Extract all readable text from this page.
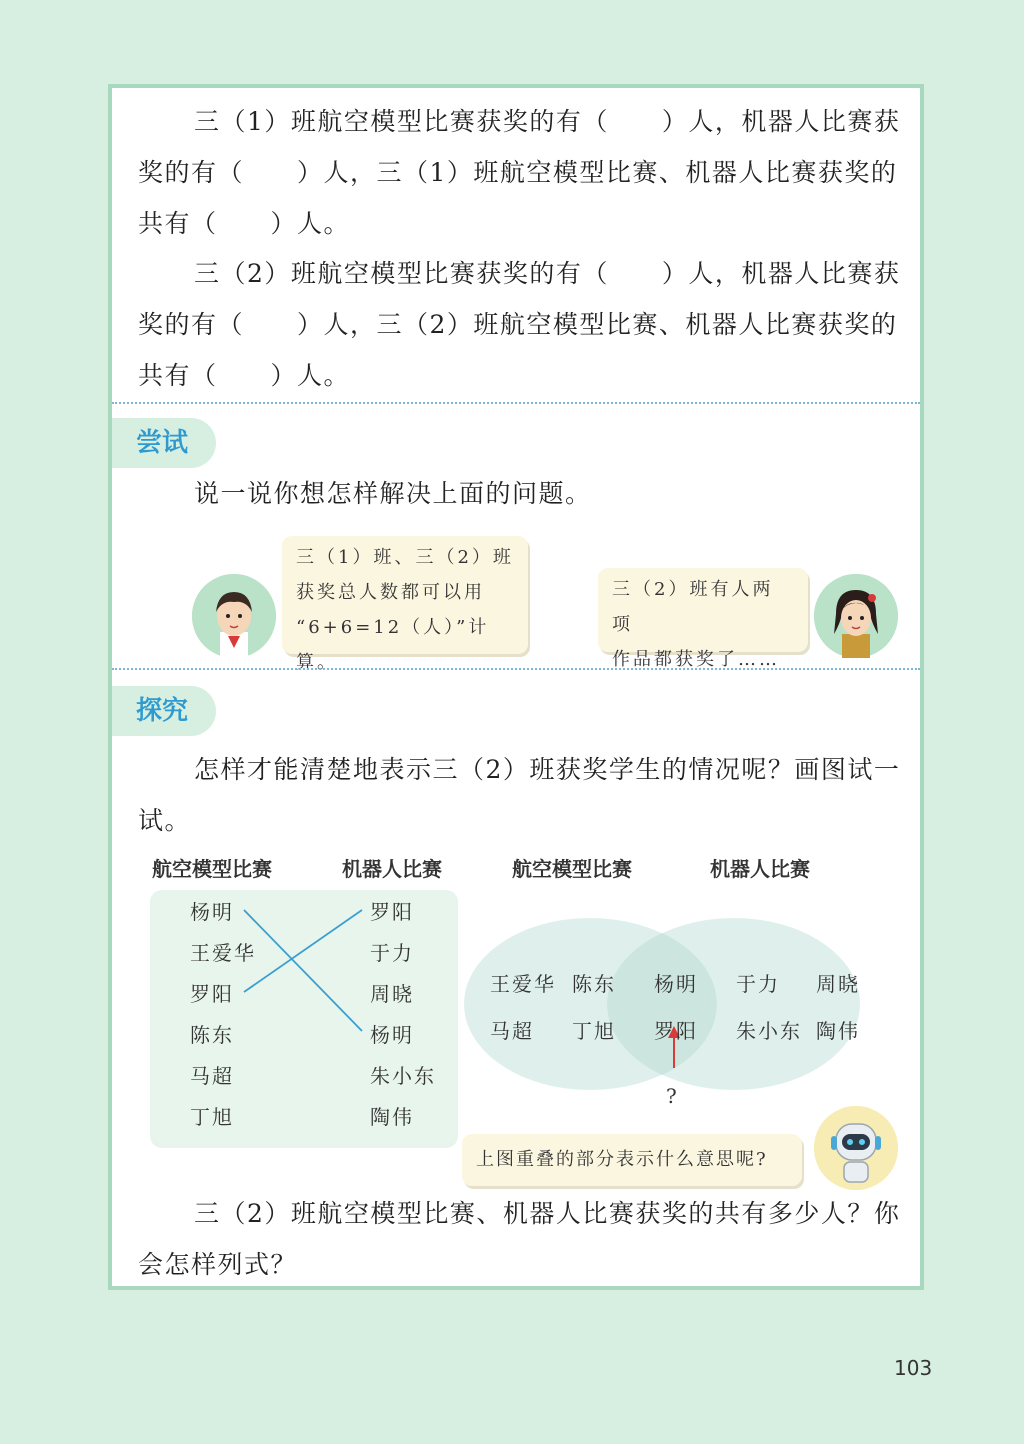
三（1）班航空模型比赛获奖的有（　　）人，机器人比赛获奖的有（　　）人，三（1）班航空模型比赛、机器人比赛获奖的共有（　　）人。

三（2）班航空模型比赛获奖的有（　　）人，机器人比赛获奖的有（　　）人，三（2）班航空模型比赛、机器人比赛获奖的共有（　　）人。

尝试

说一说你想怎样解决上面的问题。

三（1）班、三（2）班
获奖总人数都可以用
“6+6=12（人）”计算。
三（2）班有人两项
作品都获奖了……
探究

怎样才能清楚地表示三（2）班获奖学生的情况呢？画图试一试。

航空模型比赛	机器人比赛	航空模型比赛	机器人比赛
杨明
王爱华
罗阳
陈东
马超
丁旭
罗阳
于力
周晓
杨明
朱小东
陶伟
王爱华 陈东
马超 丁旭
杨明
罗阳
于力 周晓
朱小东 陶伟
?
上图重叠的部分表示什么意思呢?

三（2）班航空模型比赛、机器人比赛获奖的共有多少人？你会怎样列式？

103
